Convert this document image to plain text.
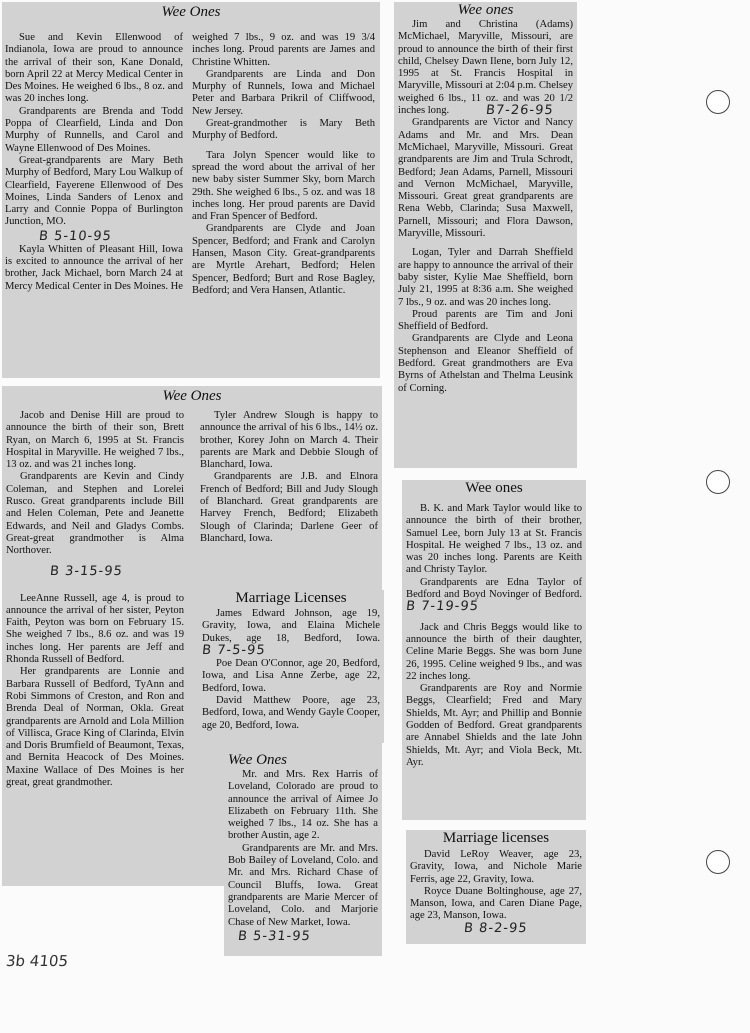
Wee Ones

Sue and Kevin Ellenwood of Indianola, Iowa are proud to announce the arrival of their son, Kane Donald, born April 22 at Mercy Medical Center in Des Moines. He weighed 6 lbs., 8 oz. and was 20 inches long.

Grandparents are Brenda and Todd Poppa of Clearfield, Linda and Don Murphy of Runnells, and Carol and Wayne Ellenwood of Des Moines.

Great-grandparents are Mary Beth Murphy of Bedford, Mary Lou Walkup of Clearfield, Fayerene Ellenwood of Des Moines, Linda Sanders of Lenox and Larry and Connie Poppa of Burlington Junction, MO.

B 5-10-95

Kayla Whitten of Pleasant Hill, Iowa is excited to announce the arrival of her brother, Jack Michael, born March 24 at Mercy Medical Center in Des Moines. He

weighed 7 lbs., 9 oz. and was 19 3/4 inches long. Proud parents are James and Christine Whitten.

Grandparents are Linda and Don Murphy of Runnels, Iowa and Michael Peter and Barbara Prikril of Cliffwood, New Jersey.

Great-grandmother is Mary Beth Murphy of Bedford.

Tara Jolyn Spencer would like to spread the word about the arrival of her new baby sister Summer Sky, born March 29th. She weighed 6 lbs., 5 oz. and was 18 inches long. Her proud parents are David and Fran Spencer of Bedford.

Grandparents are Clyde and Joan Spencer, Bedford; and Frank and Carolyn Hansen, Mason City. Great-grandparents are Myrtle Arehart, Bedford; Helen Spencer, Bedford; Burt and Rose Bagley, Bedford; and Vera Hansen, Atlantic.

Wee ones

Jim and Christina (Adams) McMichael, Maryville, Missouri, are proud to announce the birth of their first child, Chelsey Dawn Ilene, born July 12, 1995 at St. Francis Hospital in Maryville, Missouri at 2:04 p.m. Chelsey weighed 6 lbs., 11 oz. and was 20 1/2 inches long.	B7-26-95

Grandparents are Victor and Nancy Adams and Mr. and Mrs. Dean McMichael, Maryville, Missouri. Great grandparents are Jim and Trula Schrodt, Bedford; Jean Adams, Parnell, Missouri and Vernon McMichael, Maryville, Missouri. Great great grandparents are Rena Webb, Clarinda; Susa Maxwell, Parnell, Missouri; and Flora Dawson, Maryville, Missouri.

Logan, Tyler and Darrah Sheffield are happy to announce the arrival of their baby sister, Kylie Mae Sheffield, born July 21, 1995 at 8:36 a.m. She weighed 7 lbs., 9 oz. and was 20 inches long.

Proud parents are Tim and Joni Sheffield of Bedford.

Grandparents are Clyde and Leona Stephenson and Eleanor Sheffield of Bedford. Great grandmothers are Eva Byrns of Athelstan and Thelma Leusink of Corning.

Wee Ones

Jacob and Denise Hill are proud to announce the birth of their son, Brett Ryan, on March 6, 1995 at St. Francis Hospital in Maryville. He weighed 7 lbs., 13 oz. and was 21 inches long.

Grandparents are Kevin and Cindy Coleman, and Stephen and Lorelei Rusco. Great grandparents include Bill and Helen Coleman, Pete and Jeanette Edwards, and Neil and Gladys Combs. Great-great grandmother is Alma Northover.

B 3-15-95

LeeAnne Russell, age 4, is proud to announce the arrival of her sister, Peyton Faith, Peyton was born on February 15. She weighed 7 lbs., 8.6 oz. and was 19 inches long. Her parents are Jeff and Rhonda Russell of Bedford.

Her grandparents are Lonnie and Barbara Russell of Bedford, TyAnn and Robi Simmons of Creston, and Ron and Brenda Deal of Norman, Okla. Great grandparents are Arnold and Lola Million of Villisca, Grace King of Clarinda, Elvin and Doris Brumfield of Beaumont, Texas, and Bernita Heacock of Des Moines. Maxine Wallace of Des Moines is her great, great grandmother.

Tyler Andrew Slough is happy to announce the arrival of his 6 lbs., 14½ oz. brother, Korey John on March 4. Their parents are Mark and Debbie Slough of Blanchard, Iowa.

Grandparents are J.B. and Elnora French of Bedford; Bill and Judy Slough of Blanchard. Great grandparents are Harvey French, Bedford; Elizabeth Slough of Clarinda; Darlene Geer of Blanchard, Iowa.

Marriage Licenses

James Edward Johnson, age 19, Gravity, Iowa, and Elaina Michele Dukes, age 18, Bedford, Iowa. B 7-5-95

Poe Dean O'Connor, age 20, Bedford, Iowa, and Lisa Anne Zerbe, age 22, Bedford, Iowa.

David Matthew Poore, age 23, Bedford, Iowa, and Wendy Gayle Cooper, age 20, Bedford, Iowa.

Wee Ones

Mr. and Mrs. Rex Harris of Loveland, Colorado are proud to announce the arrival of Aimee Jo Elizabeth on February 11th. She weighed 7 lbs., 14 oz. She has a brother Austin, age 2.

Grandparents are Mr. and Mrs. Bob Bailey of Loveland, Colo. and Mr. and Mrs. Richard Chase of Council Bluffs, Iowa. Great grandparents are Marie Mercer of Loveland, Colo. and Marjorie Chase of New Market, Iowa.

B 5-31-95
Wee ones

B. K. and Mark Taylor would like to announce the birth of their brother, Samuel Lee, born July 13 at St. Francis Hospital. He weighed 7 lbs., 13 oz. and was 20 inches long. Parents are Keith and Christy Taylor.

Grandparents are Edna Taylor of Bedford and Boyd Novinger of Bedford. B 7-19-95

Jack and Chris Beggs would like to announce the birth of their daughter, Celine Marie Beggs. She was born June 26, 1995. Celine weighed 9 lbs., and was 22 inches long.

Grandparents are Roy and Normie Beggs, Clearfield; Fred and Mary Shields, Mt. Ayr; and Phillip and Bonnie Godden of Bedford. Great grandparents are Annabel Shields and the late John Shields, Mt. Ayr; and Viola Beck, Mt. Ayr.

Marriage licenses

David LeRoy Weaver, age 23, Gravity, Iowa, and Nichole Marie Ferris, age 22, Gravity, Iowa.

Royce Duane Boltinghouse, age 27, Manson, Iowa, and Caren Diane Page, age 23, Manson, Iowa.

B 8-2-95
3b 4105
